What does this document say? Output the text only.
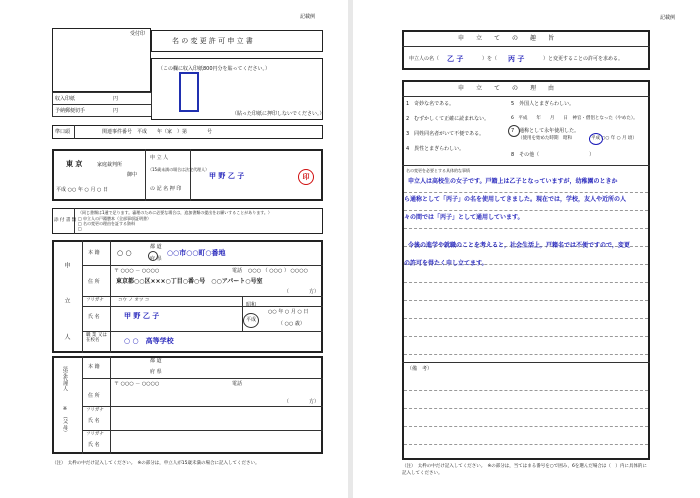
記載例
受付印
名 の 変 更 許 可 申 立 書
（この欄に収入印紙800円分を貼ってください。）
（貼った印紙に押印しないでください。）
収入印紙	円
予納郵便切手	円
準口頭	関連事件番号　平成　　年（家　）第　　　　号
東 京	家庭裁判所
御中
平成 ○○ 年 ○ 月 ○ 日
申 立 人
（15歳未満の場合は法定代理人）
の 記 名 押 印
甲 野 乙 子	印
添 付 書 類
（同じ書類は1通で足ります。審理のために必要な場合は，追加書類の提出をお願いすることがあります。）
□ 申立人の戸籍謄本（全部事項証明書）
□ 名の変更の理由を証する資料
□
申 立 人
本 籍
都 道
府 県
○ ○	○○市○○町○番地
住 所
〒 ○○○ － ○○○○	電話 ○○○ （ ○○○ ） ○○○○
東京都○○区×××○丁目○番○号　○○アパート○号室
（　　　　方）
フリガナ	コウ ノ オツ コ
氏 名	甲 野 乙 子
昭和
平成
○○ 年 ○ 月 ○ 日
（ ○○ 歳）
職 業 又は 在校名	○ ○　高等学校
法定代理人
※ （父 母）
本 籍
都 道
府 県
住 所
〒 ○○○ － ○○○○	電話
（　　　　方）
フリガナ
氏 名
フリガナ
氏 名
（注）　太枠の中だけ記入してください。　※の部分は，申立人が15歳未満の場合に記入してください。
記載例
申　　立　　て　　の　　趣　　旨
申立人の名（ 乙 子	）を（ 丙 子	）と変更することの許可を求める。
申　　立　　て　　の　　理　　由
1　奇妙な名である。
2　むずかしくて正確に読まれない。
3　同姓同名者がいて不便である。
4　異性とまぎらわしい。
5　外国人とまぎらわしい。
6　平成　　年　　月　　日　神官・僧侶となった（やめた）。
7　通称として永年使用した。
（使用を始めた時期　昭和	平成 ○○ 年 ○ 月 頃）
8　その他（　　　　　　　　　　）
名の変更を必要とする具体的な事情
申立人は高校生の女子です。戸籍上は乙子となっていますが，幼稚園のときか
ら通称として「丙子」の名を使用してきました。現在では，学校，友人や近所の人
々の間では「丙子」として通用しています。
今後の進学や就職のことを考えると，社会生活上，戸籍名では不便ですので，変更
の許可を得たく申し立てます。
（備　考）
（注）　太枠の中だけ記入してください。　※の部分は，当てはまる番号を○で囲み，6を選んだ場合は（　）内に具体的に記入してください。
